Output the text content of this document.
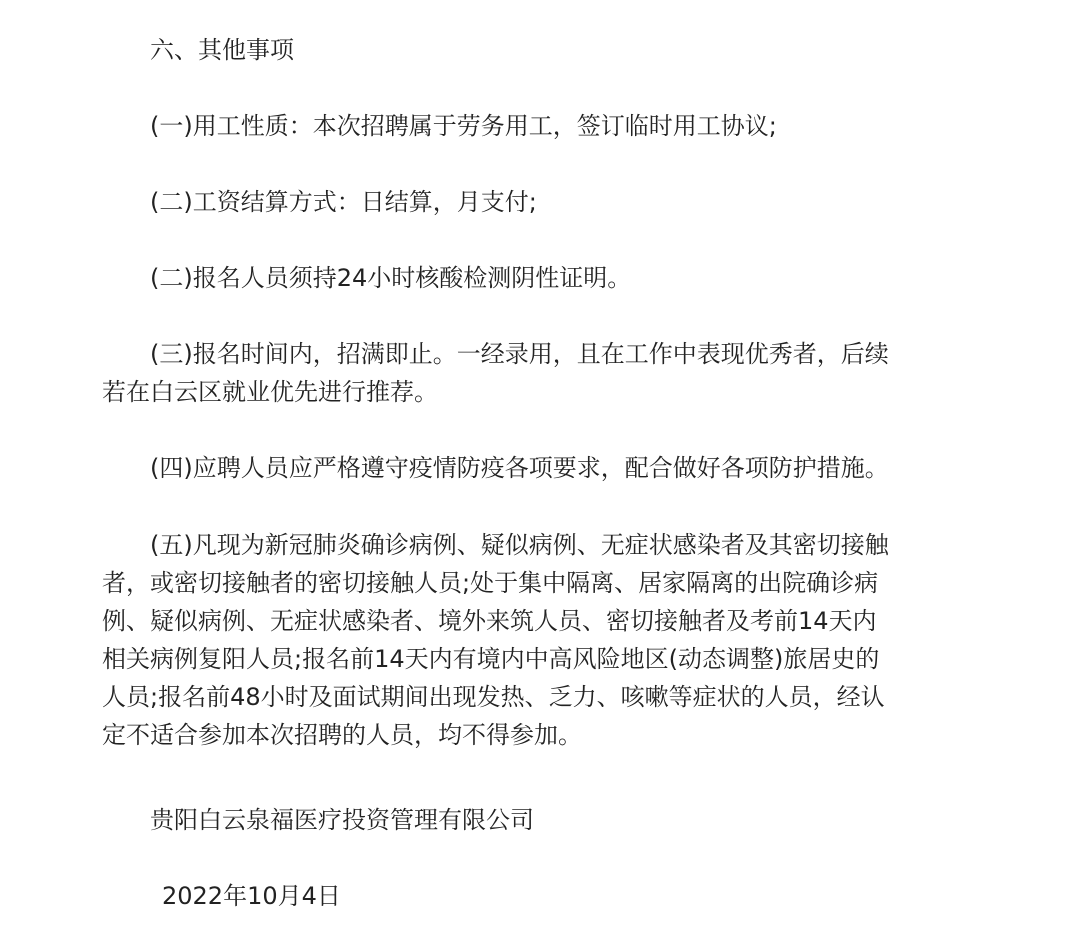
六、其他事项
(一)用工性质：本次招聘属于劳务用工，签订临时用工协议;
(二)工资结算方式：日结算，月支付;
(二)报名人员须持24小时核酸检测阴性证明。
(三)报名时间内，招满即止。一经录用，且在工作中表现优秀者，后续
若在白云区就业优先进行推荐。
(四)应聘人员应严格遵守疫情防疫各项要求，配合做好各项防护措施。
(五)凡现为新冠肺炎确诊病例、疑似病例、无症状感染者及其密切接触
者，或密切接触者的密切接触人员;处于集中隔离、居家隔离的出院确诊病
例、疑似病例、无症状感染者、境外来筑人员、密切接触者及考前14天内
相关病例复阳人员;报名前14天内有境内中高风险地区(动态调整)旅居史的
人员;报名前48小时及面试期间出现发热、乏力、咳嗽等症状的人员，经认
定不适合参加本次招聘的人员，均不得参加。
贵阳白云泉福医疗投资管理有限公司
2022年10月4日
